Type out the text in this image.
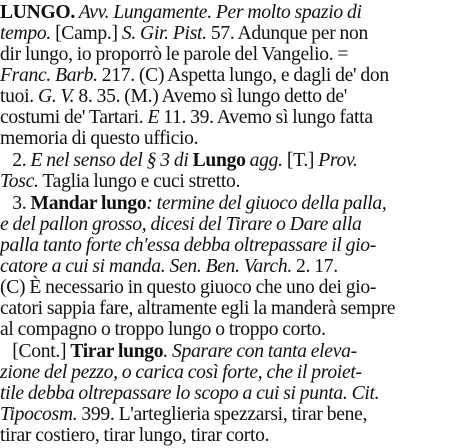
LUNGO. Avv. Lungamente. Per molto spazio di
tempo. [Camp.] S. Gir. Pist. 57. Adunque per non
dir lungo, io proporrò le parole del Vangelio. =
Franc. Barb. 217. (C) Aspetta lungo, e dagli de' don
tuoi. G. V. 8. 35. (M.) Avemo sì lungo detto de'
costumi de' Tartari. E 11. 39. Avemo sì lungo fatta
memoria di questo ufficio.
2. E nel senso del § 3 di Lungo agg. [T.] Prov.
Tosc. Taglia lungo e cuci stretto.
3. Mandar lungo: termine del giuoco della palla,
e del pallon grosso, dicesi del Tirare o Dare alla
palla tanto forte ch'essa debba oltrepassare il gio-
catore a cui si manda. Sen. Ben. Varch. 2. 17.
(C) È necessario in questo giuoco che uno dei gio-
catori sappia fare, altramente egli la manderà sempre
al compagno o troppo lungo o troppo corto.
[Cont.] Tirar lungo. Sparare con tanta eleva-
zione del pezzo, o carica così forte, che il proiet-
tile debba oltrepassare lo scopo a cui si punta. Cit.
Tipocosm. 399. L'arteglieria spezzarsi, tirar bene,
tirar costiero, tirar lungo, tirar corto.
